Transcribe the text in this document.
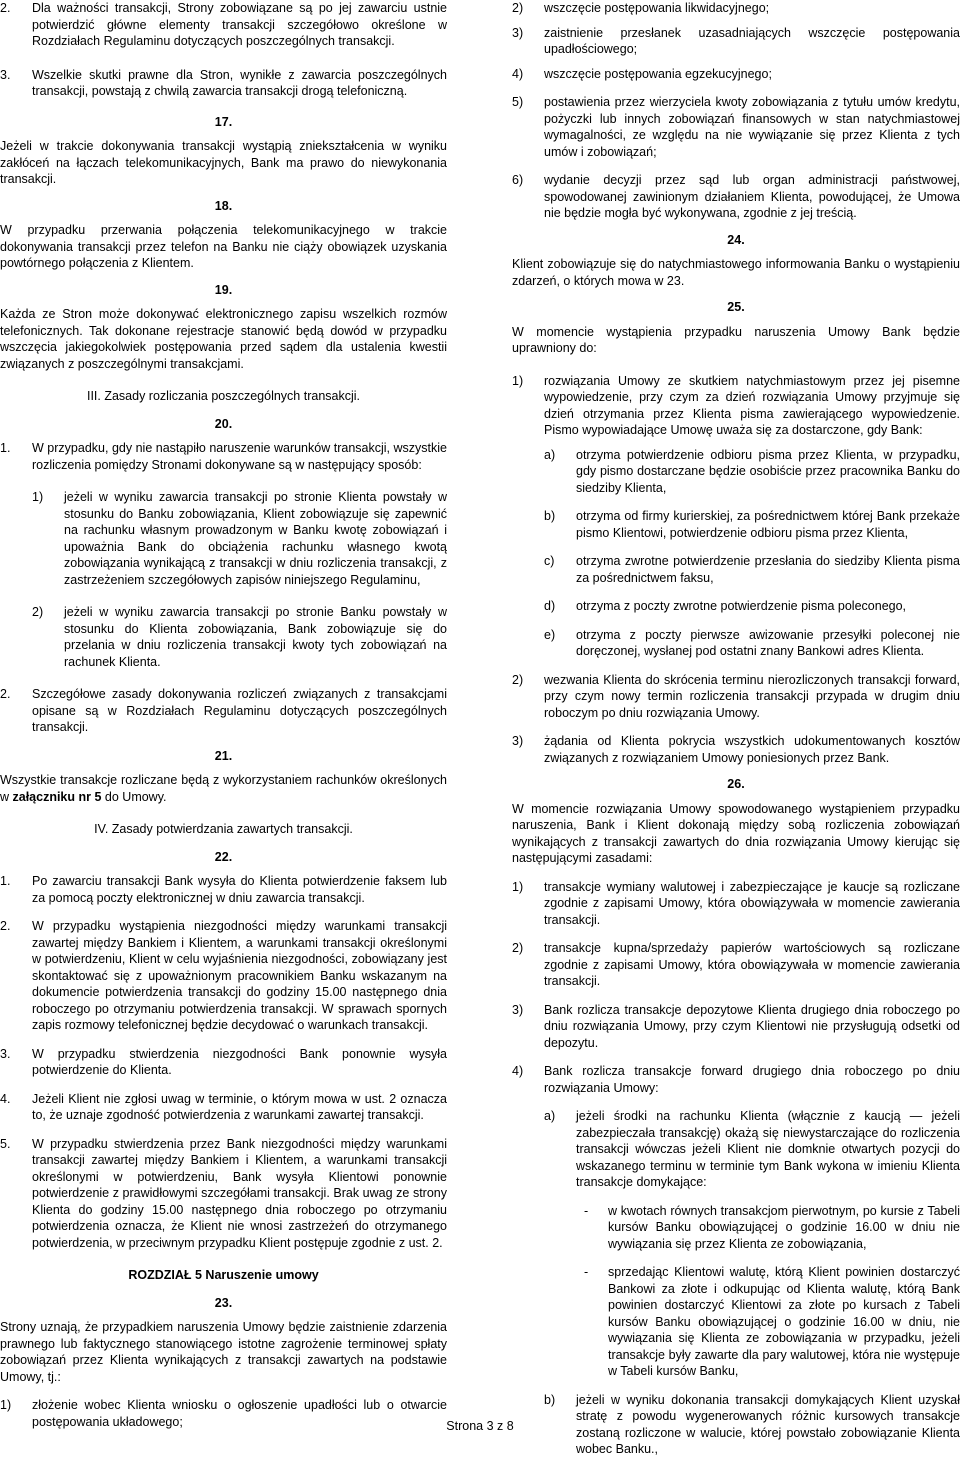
2. Dla ważności transakcji, Strony zobowiązane są po jej zawarciu ustnie potwierdzić główne elementy transakcji szczegółowo określone w Rozdziałach Regulaminu dotyczących poszczególnych transakcji.
3. Wszelkie skutki prawne dla Stron, wynikłe z zawarcia poszczególnych transakcji, powstają z chwilą zawarcia transakcji drogą telefoniczną.

17.

Jeżeli w trakcie dokonywania transakcji wystąpią zniekształcenia w wyniku zakłóceń na łączach telekomunikacyjnych, Bank ma prawo do niewykonania transakcji.

18.

W przypadku przerwania połączenia telekomunikacyjnego w trakcie dokonywania transakcji przez telefon na Banku nie ciąży obowiązek uzyskania powtórnego połączenia z Klientem.

19.

Każda ze Stron może dokonywać elektronicznego zapisu wszelkich rozmów telefonicznych. Tak dokonane rejestracje stanowić będą dowód w przypadku wszczęcia jakiegokolwiek postępowania przed sądem dla ustalenia kwestii związanych z poszczególnymi transakcjami.

III. Zasady rozliczania poszczególnych transakcji.

20.

1. W przypadku, gdy nie nastąpiło naruszenie warunków transakcji, wszystkie rozliczenia pomiędzy Stronami dokonywane są w następujący sposób:
1) jeżeli w wyniku zawarcia transakcji po stronie Klienta powstały w stosunku do Banku zobowiązania, Klient zobowiązuje się zapewnić na rachunku własnym prowadzonym w Banku kwotę zobowiązań i upoważnia Bank do obciążenia rachunku własnego kwotą zobowiązania wynikającą z transakcji w dniu rozliczenia transakcji, z zastrzeżeniem szczegółowych zapisów niniejszego Regulaminu,
2) jeżeli w wyniku zawarcia transakcji po stronie Banku powstały w stosunku do Klienta zobowiązania, Bank zobowiązuje się do przelania w dniu rozliczenia transakcji kwoty tych zobowiązań na rachunek Klienta.
2. Szczegółowe zasady dokonywania rozliczeń związanych z transakcjami opisane są w Rozdziałach Regulaminu dotyczących poszczególnych transakcji.

21.

Wszystkie transakcje rozliczane będą z wykorzystaniem rachunków określonych w załączniku nr 5 do Umowy.

IV. Zasady potwierdzania zawartych transakcji.

22.

1. Po zawarciu transakcji Bank wysyła do Klienta potwierdzenie faksem lub za pomocą poczty elektronicznej w dniu zawarcia transakcji.
2. W przypadku wystąpienia niezgodności między warunkami transakcji zawartej między Bankiem i Klientem, a warunkami transakcji określonymi w potwierdzeniu, Klient w celu wyjaśnienia niezgodności, zobowiązany jest skontaktować się z upoważnionym pracownikiem Banku wskazanym na dokumencie potwierdzenia transakcji do godziny 15.00 następnego dnia roboczego po otrzymaniu potwierdzenia transakcji. W sprawach spornych zapis rozmowy telefonicznej będzie decydować o warunkach transakcji.
3. W przypadku stwierdzenia niezgodności Bank ponownie wysyła potwierdzenie do Klienta.
4. Jeżeli Klient nie zgłosi uwag w terminie, o którym mowa w ust. 2 oznacza to, że uznaje zgodność potwierdzenia z warunkami zawartej transakcji.
5. W przypadku stwierdzenia przez Bank niezgodności między warunkami transakcji zawartej między Bankiem i Klientem, a warunkami transakcji określonymi w potwierdzeniu, Bank wysyła Klientowi ponownie potwierdzenie z prawidłowymi szczegółami transakcji. Brak uwag ze strony Klienta do godziny 15.00 następnego dnia roboczego po otrzymaniu potwierdzenia oznacza, że Klient nie wnosi zastrzeżeń do otrzymanego potwierdzenia, w przeciwnym przypadku Klient postępuje zgodnie z ust. 2.

ROZDZIAŁ 5 Naruszenie umowy

23.

Strony uznają, że przypadkiem naruszenia Umowy będzie zaistnienie zdarzenia prawnego lub faktycznego stanowiącego istotne zagrożenie terminowej spłaty zobowiązań przez Klienta wynikających z transakcji zawartych na podstawie Umowy, tj.:

1) złożenie wobec Klienta wniosku o ogłoszenie upadłości lub o otwarcie postępowania układowego;
2) wszczęcie postępowania likwidacyjnego;
3) zaistnienie przesłanek uzasadniających wszczęcie postępowania upadłościowego;
4) wszczęcie postępowania egzekucyjnego;
5) postawienia przez wierzyciela kwoty zobowiązania z tytułu umów kredytu, pożyczki lub innych zobowiązań finansowych w stan natychmiastowej wymagalności, ze względu na nie wywiązanie się przez Klienta z tych umów i zobowiązań;
6) wydanie decyzji przez sąd lub organ administracji państwowej, spowodowanej zawinionym działaniem Klienta, powodującej, że Umowa nie będzie mogła być wykonywana, zgodnie z jej treścią.

24.

Klient zobowiązuje się do natychmiastowego informowania Banku o wystąpieniu zdarzeń, o których mowa w 23.

25.

W momencie wystąpienia przypadku naruszenia Umowy Bank będzie uprawniony do:

1) rozwiązania Umowy ze skutkiem natychmiastowym przez jej pisemne wypowiedzenie, przy czym za dzień rozwiązania Umowy przyjmuje się dzień otrzymania przez Klienta pisma zawierającego wypowiedzenie. Pismo wypowiadające Umowę uważa się za dostarczone, gdy Bank:
a) otrzyma potwierdzenie odbioru pisma przez Klienta, w przypadku, gdy pismo dostarczane będzie osobiście przez pracownika Banku do siedziby Klienta,
b) otrzyma od firmy kurierskiej, za pośrednictwem której Bank przekaże pismo Klientowi, potwierdzenie odbioru pisma przez Klienta,
c) otrzyma zwrotne potwierdzenie przesłania do siedziby Klienta pisma za pośrednictwem faksu,
d) otrzyma z poczty zwrotne potwierdzenie pisma poleconego,
e) otrzyma z poczty pierwsze awizowanie przesyłki poleconej nie doręczonej, wysłanej pod ostatni znany Bankowi adres Klienta.
2) wezwania Klienta do skrócenia terminu nierozliczonych transakcji forward, przy czym nowy termin rozliczenia transakcji przypada w drugim dniu roboczym po dniu rozwiązania Umowy.
3) żądania od Klienta pokrycia wszystkich udokumentowanych kosztów związanych z rozwiązaniem Umowy poniesionych przez Bank.

26.

W momencie rozwiązania Umowy spowodowanego wystąpieniem przypadku naruszenia, Bank i Klient dokonają między sobą rozliczenia zobowiązań wynikających z transakcji zawartych do dnia rozwiązania Umowy kierując się następującymi zasadami:

1) transakcje wymiany walutowej i zabezpieczające je kaucje są rozliczane zgodnie z zapisami Umowy, która obowiązywała w momencie zawierania transakcji.
2) transakcje kupna/sprzedaży papierów wartościowych są rozliczane zgodnie z zapisami Umowy, która obowiązywała w momencie zawierania transakcji.
3) Bank rozlicza transakcje depozytowe Klienta drugiego dnia roboczego po dniu rozwiązania Umowy, przy czym Klientowi nie przysługują odsetki od depozytu.
4) Bank rozlicza transakcje forward drugiego dnia roboczego po dniu rozwiązania Umowy:
a) jeżeli środki na rachunku Klienta (włącznie z kaucją — jeżeli zabezpieczała transakcję) okażą się niewystarczające do rozliczenia transakcji wówczas jeżeli Klient nie domknie otwartych pozycji do wskazanego terminu w terminie tym Bank wykona w imieniu Klienta transakcje domykające:
- w kwotach równych transakcjom pierwotnym, po kursie z Tabeli kursów Banku obowiązującej o godzinie 16.00 w dniu nie wywiązania się przez Klienta ze zobowiązania,
- sprzedając Klientowi walutę, którą Klient powinien dostarczyć Bankowi za złote i odkupując od Klienta walutę, którą Bank powinien dostarczyć Klientowi za złote po kursach z Tabeli kursów Banku obowiązującej o godzinie 16.00 w dniu, nie wywiązania się Klienta ze zobowiązania w przypadku, jeżeli transakcje były zawarte dla pary walutowej, która nie występuje w Tabeli kursów Banku,
b) jeżeli w wyniku dokonania transakcji domykających Klient uzyskał stratę z powodu wygenerowanych różnic kursowych transakcje zostaną rozliczone w walucie, której powstało zobowiązanie Klienta wobec Banku.,
Strona 3 z 8
